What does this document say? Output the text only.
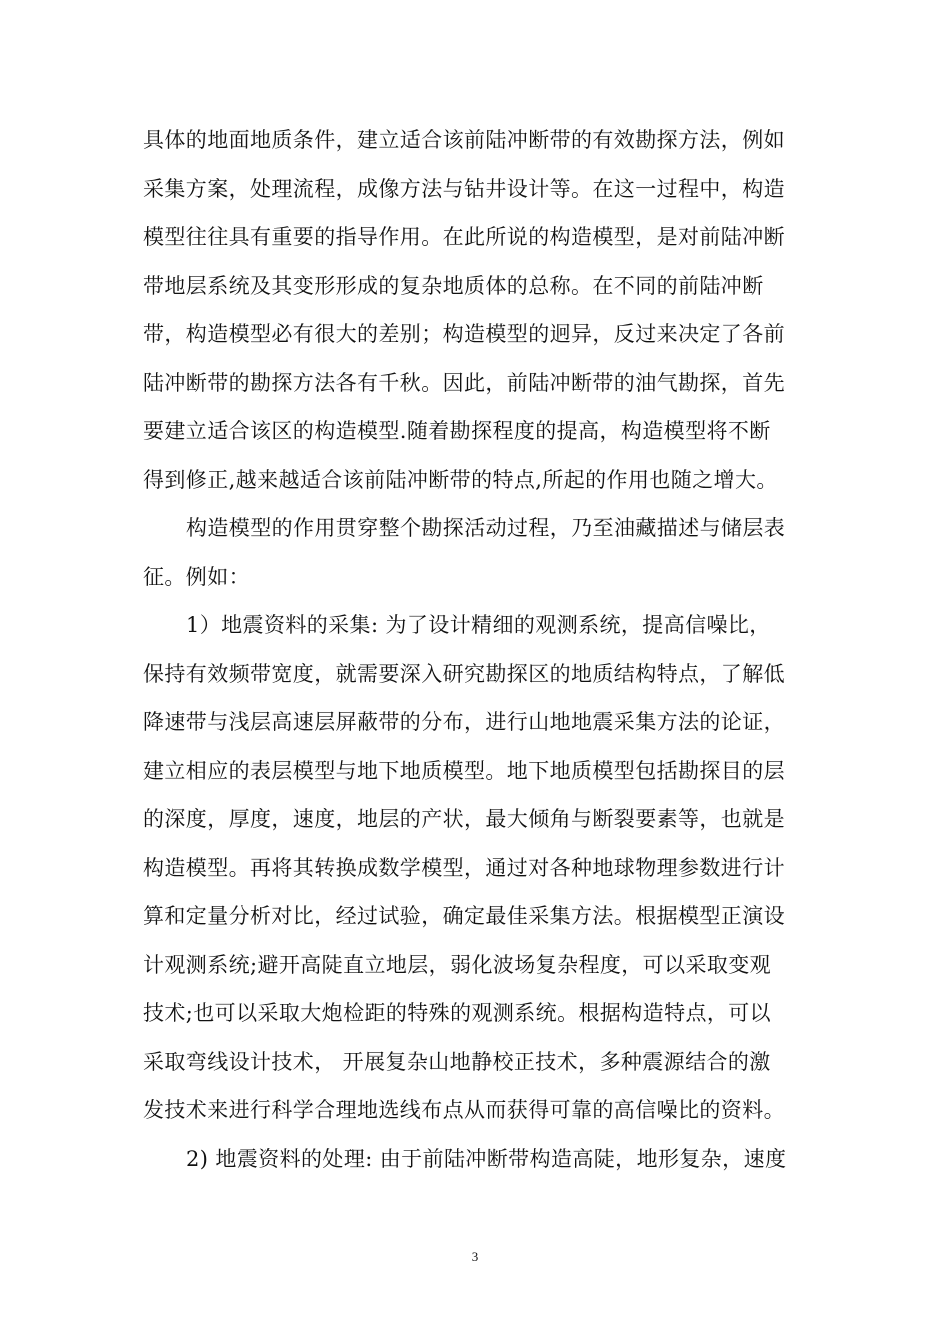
具体的地面地质条件，建立适合该前陆冲断带的有效勘探方法，例如
采集方案，处理流程，成像方法与钻井设计等。在这一过程中，构造
模型往往具有重要的指导作用。在此所说的构造模型，是对前陆冲断
带地层系统及其变形形成的复杂地质体的总称。在不同的前陆冲断
带，构造模型必有很大的差别；构造模型的迥异，反过来决定了各前
陆冲断带的勘探方法各有千秋。因此，前陆冲断带的油气勘探，首先
要建立适合该区的构造模型.随着勘探程度的提高，构造模型将不断
得到修正,越来越适合该前陆冲断带的特点,所起的作用也随之增大。
构造模型的作用贯穿整个勘探活动过程，乃至油藏描述与储层表
征。例如：
1）地震资料的采集: 为了设计精细的观测系统，提高信噪比，
保持有效频带宽度，就需要深入研究勘探区的地质结构特点，了解低
降速带与浅层高速层屏蔽带的分布，进行山地地震采集方法的论证，
建立相应的表层模型与地下地质模型。地下地质模型包括勘探目的层
的深度，厚度，速度，地层的产状，最大倾角与断裂要素等，也就是
构造模型。再将其转换成数学模型，通过对各种地球物理参数进行计
算和定量分析对比，经过试验，确定最佳采集方法。根据模型正演设
计观测系统;避开高陡直立地层，弱化波场复杂程度，可以采取变观
技术;也可以采取大炮检距的特殊的观测系统。根据构造特点，可以
采取弯线设计技术， 开展复杂山地静校正技术，多种震源结合的激
发技术来进行科学合理地选线布点从而获得可靠的高信噪比的资料。
2) 地震资料的处理: 由于前陆冲断带构造高陡，地形复杂，速度
3
